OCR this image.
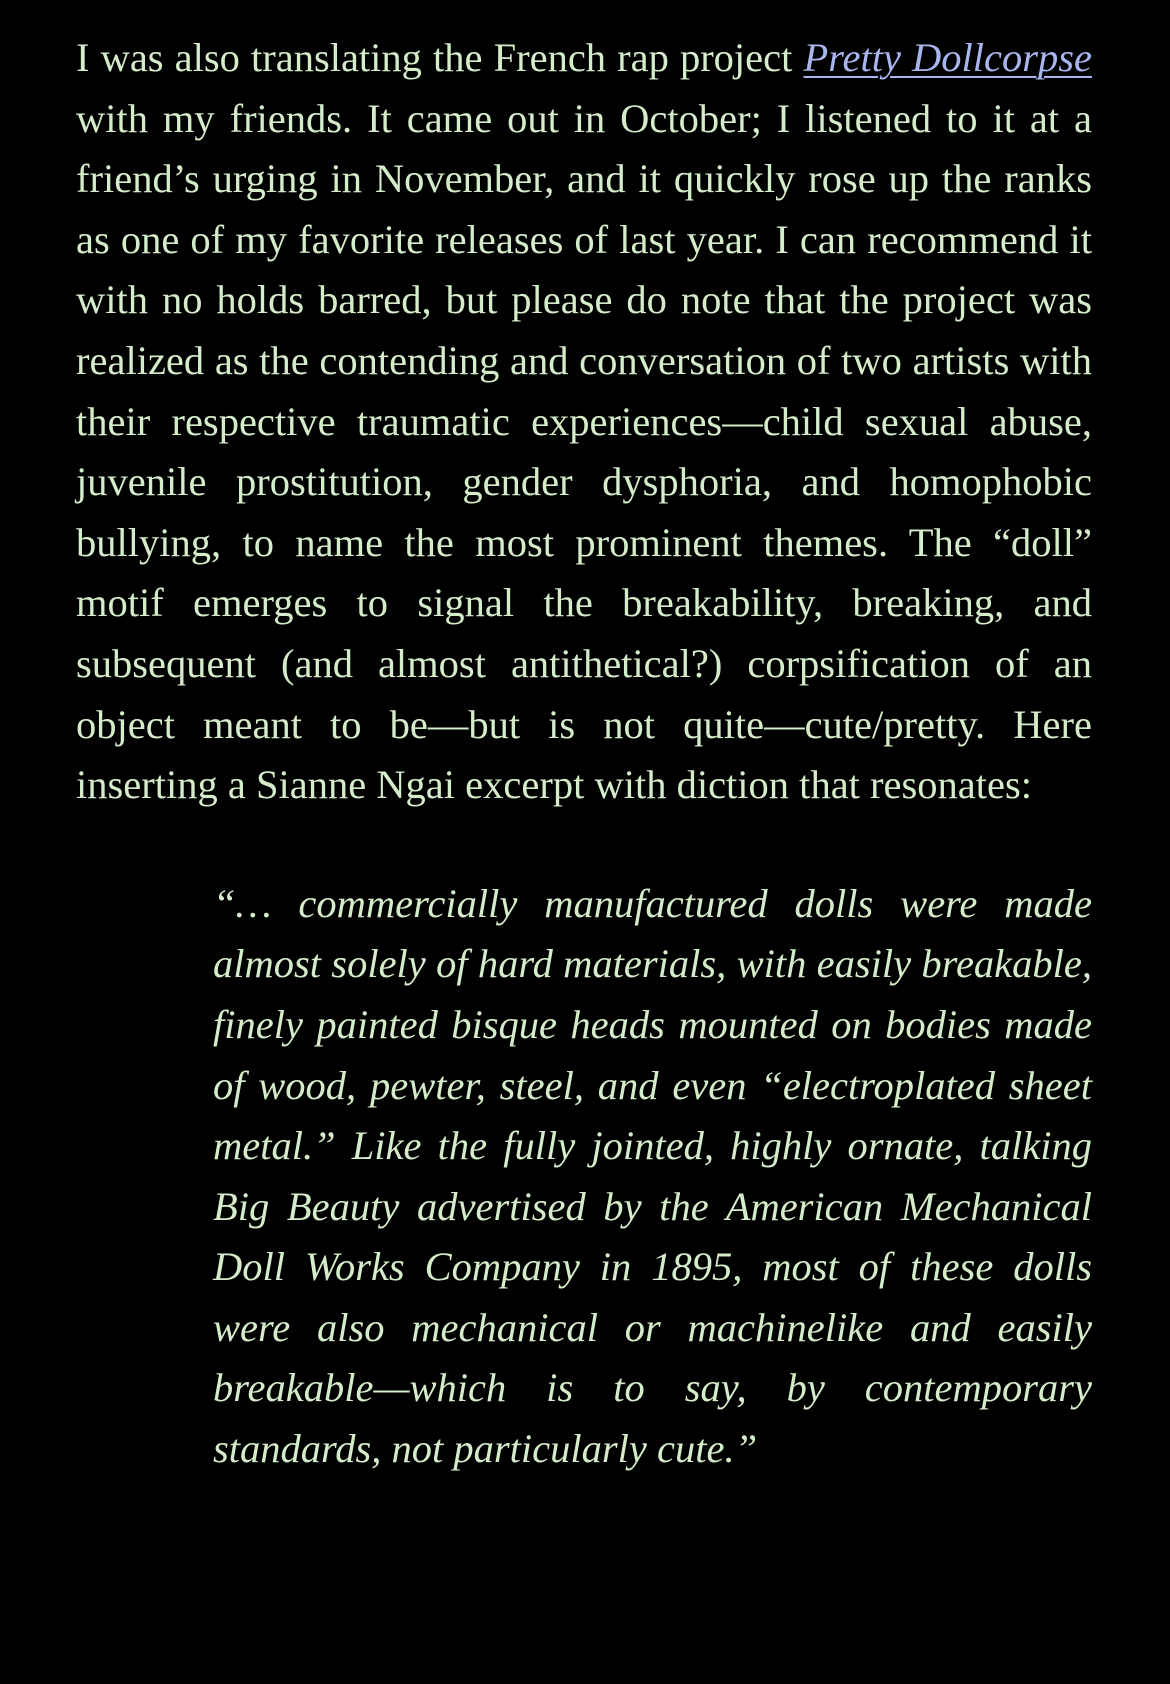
I was also translating the French rap project Pretty Dollcorpse with my friends. It came out in October; I listened to it at a friend’s urging in November, and it quickly rose up the ranks as one of my favorite releases of last year. I can recommend it with no holds barred, but please do note that the project was realized as the contending and conversation of two artists with their respective traumatic experiences—child sexual abuse, juvenile prostitution, gender dysphoria, and homophobic bullying, to name the most prominent themes. The “doll” motif emerges to signal the breakability, breaking, and subsequent (and almost antithetical?) corpsification of an object meant to be—but is not quite—cute/pretty. Here inserting a Sianne Ngai excerpt with diction that resonates:

“… commercially manufactured dolls were made almost solely of hard materials, with easily breakable, finely painted bisque heads mounted on bodies made of wood, pewter, steel, and even “electroplated sheet metal.” Like the fully jointed, highly ornate, talking Big Beauty advertised by the American Mechanical Doll Works Company in 1895, most of these dolls were also mechanical or machinelike and easily breakable—which is to say, by contemporary standards, not particularly cute.”
